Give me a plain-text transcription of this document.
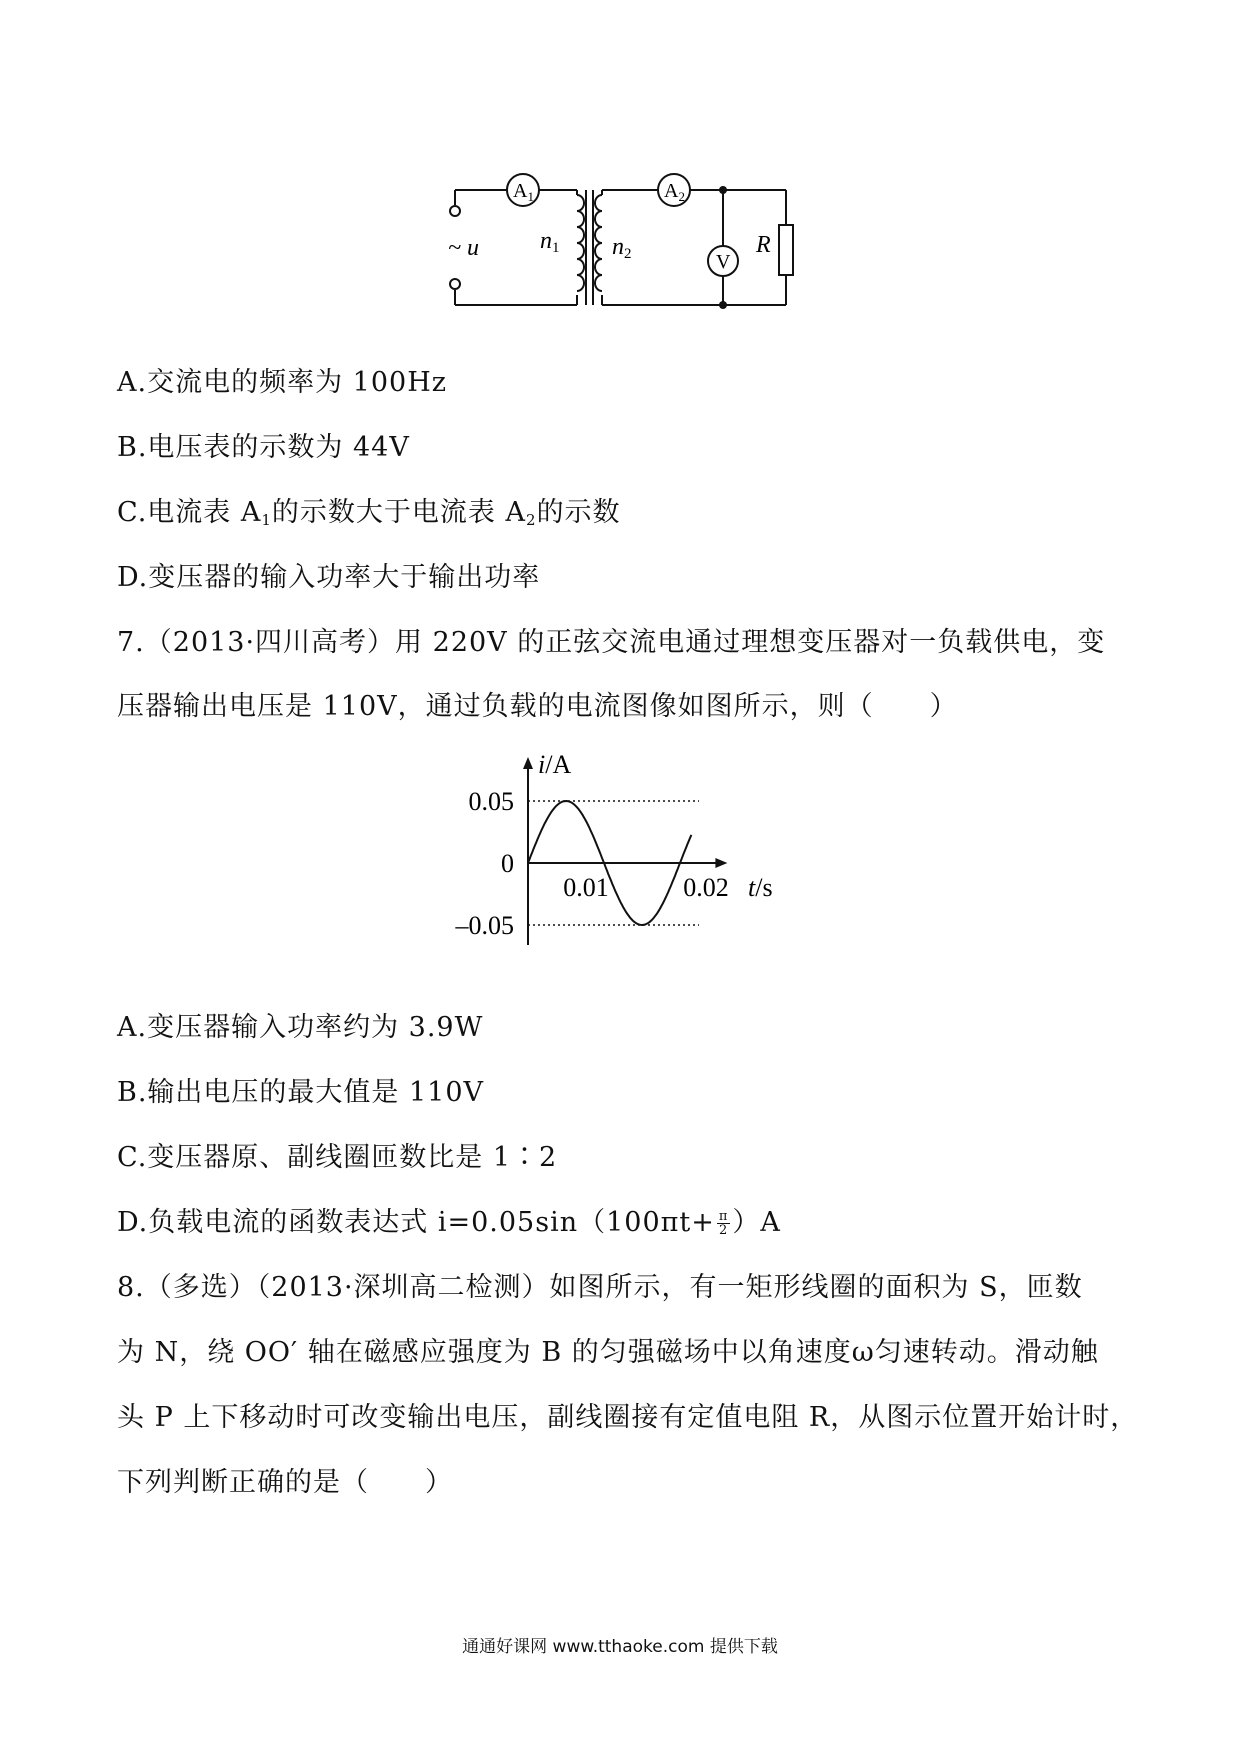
$A_1$	$A_2$
V
~ u	n1 n2	R
A.交流电的频率为 100Hz
B.电压表的示数为 44V
C.电流表 $A_1$的示数大于电流表 $A_2$的示数
D.变压器的输入功率大于输出功率
7.（2013·四川高考）用 220V 的正弦交流电通过理想变压器对一负载供电，变
压器输出电压是 110V，通过负载的电流图像如图所示，则（　　）
0.05
0
–0.05
0.01	0.02
i/A
t/s
A.变压器输入功率约为 3.9W
B.输出电压的最大值是 110V
C.变压器原、副线圈匝数比是 1∶2
D.负载电流的函数表达式 $i=0.05\sin(100\pi t+ \frac{\pi}{2} )A$
8.（多选）（2013·深圳高二检测）如图所示，有一矩形线圈的面积为 S，匝数
为 N，绕 OO′ 轴在磁感应强度为 B 的匀强磁场中以角速度ω匀速转动。滑动触
头 P 上下移动时可改变输出电压，副线圈接有定值电阻 R，从图示位置开始计时，
下列判断正确的是（　　）
通通好课网 www.tthaoke.com 提供下载
